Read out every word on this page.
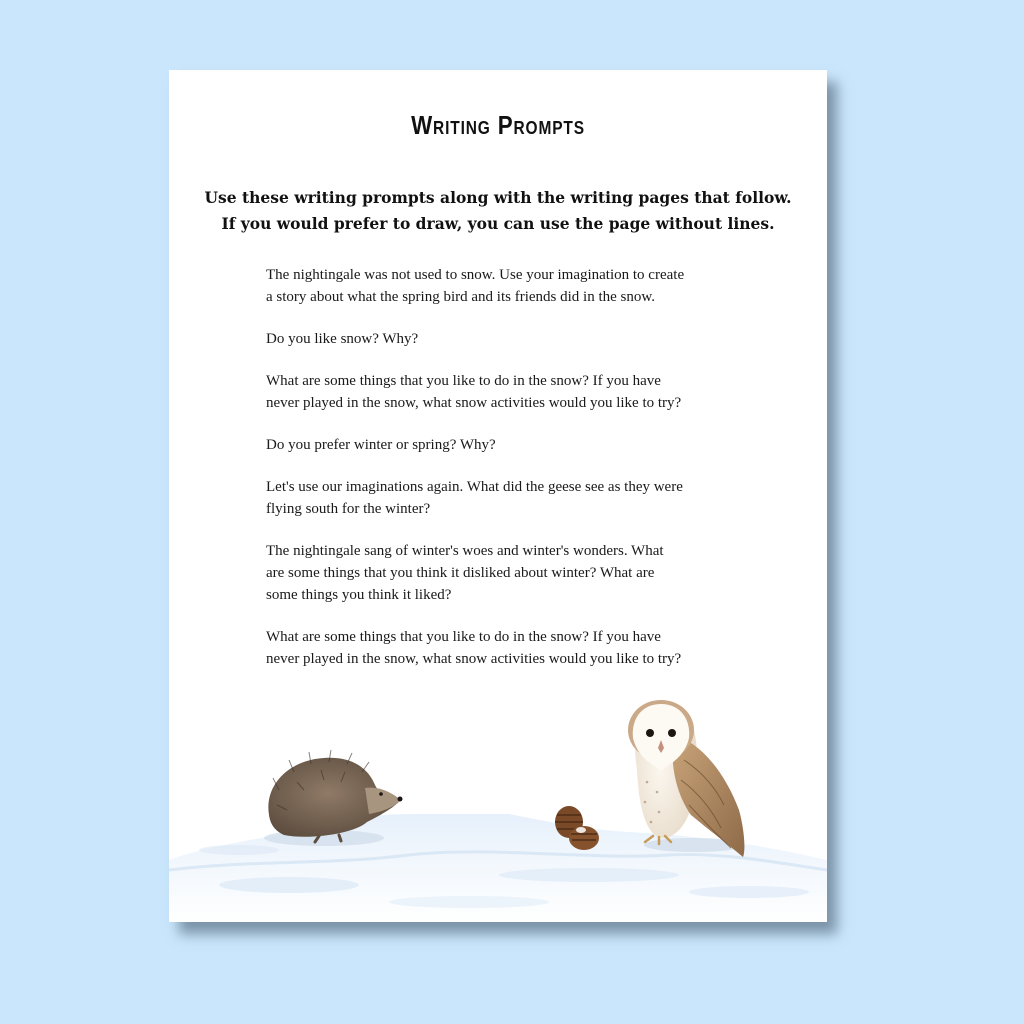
Writing Prompts
Use these writing prompts along with the writing pages that follow.
If you would prefer to draw, you can use the page without lines.
The nightingale was not used to snow. Use your imagination to create
a story about what the spring bird and its friends did in the snow.
Do you like snow? Why?
What are some things that you like to do in the snow? If you have
never played in the snow, what snow activities would you like to try?
Do you prefer winter or spring? Why?
Let's use our imaginations again. What did the geese see as they were
flying south for the winter?
The nightingale sang of winter's woes and winter's wonders. What
are some things that you think it disliked about winter? What are
some things you think it liked?
What are some things that you like to do in the snow? If you have
never played in the snow, what snow activities would you like to try?
